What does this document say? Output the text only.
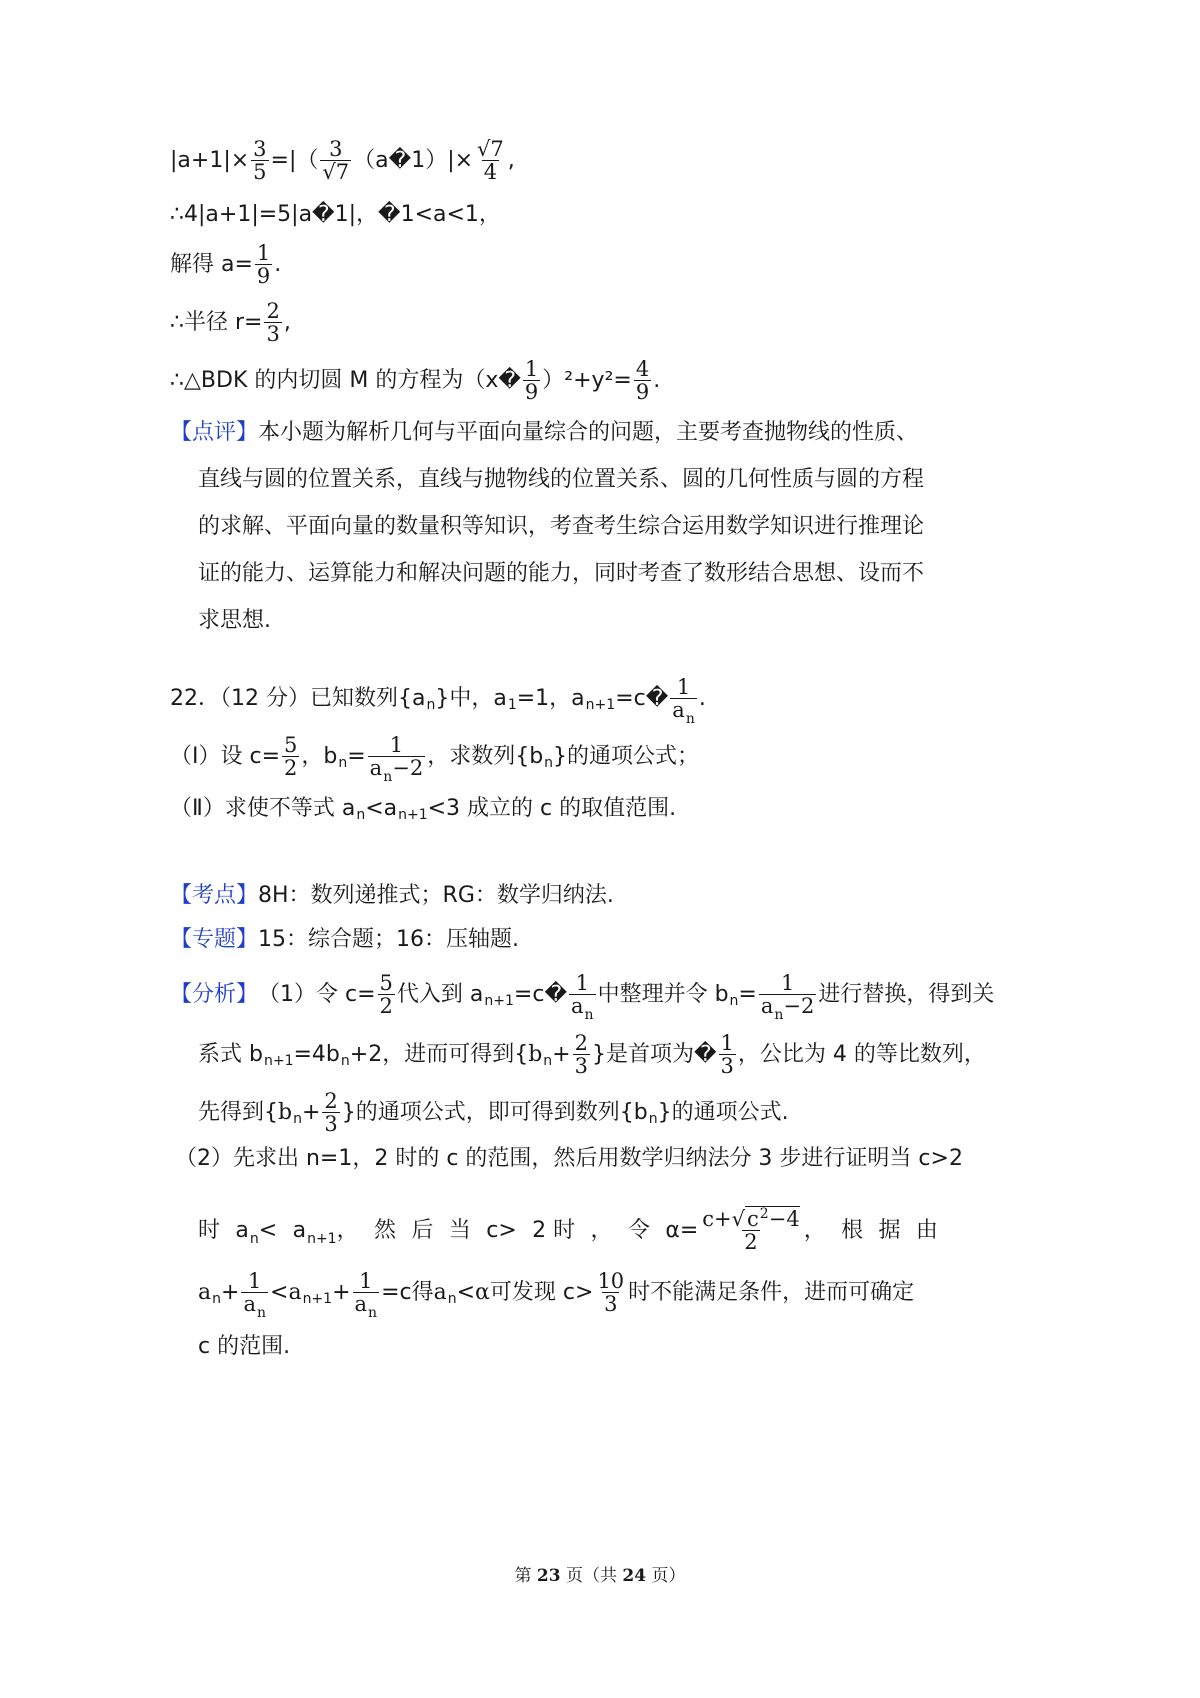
$|a+1|\times \frac{3}{5}$ =|（ $\frac{3}{√7}$ （a�1）|× $\frac{√7}{4}$ ,
∴4|a+1|=5|a�1|，�1<a<1，
解得 $a= \frac{1}{9}$ .
∴半径 $r= \frac{2}{3}$ ,
∴△BDK 的内切圆 M 的方程为（x� $\frac{1}{9} )^2+y^2= \frac{4}{9}$ .
【点评】本小题为解析几何与平面向量综合的问题，主要考查抛物线的性质、
直线与圆的位置关系，直线与抛物线的位置关系、圆的几何性质与圆的方程
的求解、平面向量的数量积等知识，考查考生综合运用数学知识进行推理论
证的能力、运算能力和解决问题的能力，同时考查了数形结合思想、设而不
求思想.
22．（12 分）已知数列{a n }中，a 1 =1，a n+1 =c� $\frac{1}{a_n}$ .
（Ⅰ）设 $c= \frac{5}{2}$ ，b $n = \frac{1}{a_n-2}$ ，求数列{b n }的通项公式；
（Ⅱ）求使不等式 a n <a n+1 <3 成立的 c 的取值范围.
【考点】 8H：数列递推式；RG：数学归纳法.
【专题】 15：综合题；16：压轴题.
【分析】 （1）令 $c= \frac{5}{2}$ 代入到 a n+1 =c� $\frac{1}{a_n}$ 中整理并令 b $n = \frac{1}{a_n-2}$ 进行替换，得到关
系式 b n+1 =4b n +2，进而可得到{ b $n + \frac{2}{3}$ }是首项为� $\frac{1}{3}$ ，公比为 4 的等比数列，
先得到{ b $n + \frac{2}{3}$ }的通项公式，即可得到数列{b n }的通项公式.
（2）先求出 n=1，2 时的 c 的范围，然后用数学归纳法分 3 步进行证明当 c>2
时 $a_n< a_{n+1}$， 然 后 当 c> 2 时 ， 令 $\alpha= \frac{c+√c^2-4}{2}$ ， 根 据 由
a $n + \frac{1}{a_n} < a$ $n+1 + \frac{1}{a_n} =c$得 a n < α 可发现 $c> \frac{10}{3}$ 时不能满足条件，进而可确定
c 的范围.
第 23 页（共 24 页）
